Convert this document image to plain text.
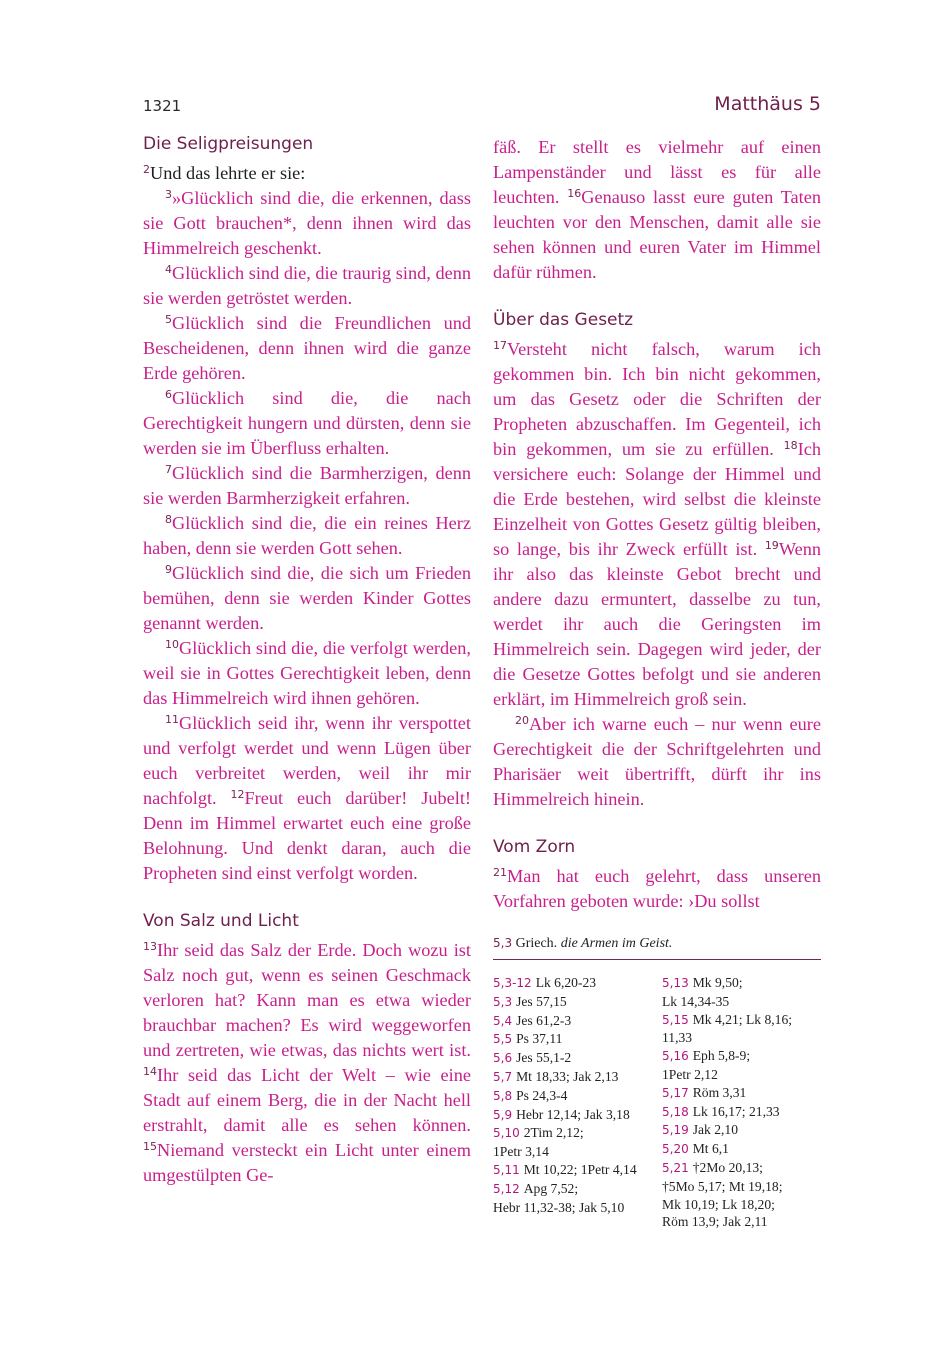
1321	Matthäus 5
Die Seligpreisungen

$^2$Und das lehrte er sie:

$^3$»Glücklich sind die, die erkennen, dass sie Gott brauchen*, denn ihnen wird das Himmelreich geschenkt.

$^4$Glücklich sind die, die traurig sind, denn sie werden getröstet werden.

$^5$Glücklich sind die Freundlichen und Bescheidenen, denn ihnen wird die ganze Erde gehören.

$^6$Glücklich sind die, die nach Gerechtigkeit hungern und dürsten, denn sie werden sie im Überfluss erhalten.

$^7$Glücklich sind die Barmherzigen, denn sie werden Barmherzigkeit erfahren.

$^8$Glücklich sind die, die ein reines Herz haben, denn sie werden Gott sehen.

$^9$Glücklich sind die, die sich um Frieden bemühen, denn sie werden Kinder Gottes genannt werden.

$^{10}$Glücklich sind die, die verfolgt werden, weil sie in Gottes Gerechtigkeit leben, denn das Himmelreich wird ihnen gehören.

$^{11}$Glücklich seid ihr, wenn ihr verspottet und verfolgt werdet und wenn Lügen über euch verbreitet werden, weil ihr mir nachfolgt. $^{12}$Freut euch darüber! Jubelt! Denn im Himmel erwartet euch eine große Belohnung. Und denkt daran, auch die Propheten sind einst verfolgt worden.

Von Salz und Licht

$^{13}$Ihr seid das Salz der Erde. Doch wozu ist Salz noch gut, wenn es seinen Geschmack verloren hat? Kann man es etwa wieder brauchbar machen? Es wird weggeworfen und zertreten, wie etwas, das nichts wert ist. $^{14}$Ihr seid das Licht der Welt – wie eine Stadt auf einem Berg, die in der Nacht hell erstrahlt, damit alle es sehen können. $^{15}$Niemand versteckt ein Licht unter einem umgestülpten Ge-

fäß. Er stellt es vielmehr auf einen Lampenständer und lässt es für alle leuchten. $^{16}$Genauso lasst eure guten Taten leuchten vor den Menschen, damit alle sie sehen können und euren Vater im Himmel dafür rühmen.

Über das Gesetz

$^{17}$Versteht nicht falsch, warum ich gekommen bin. Ich bin nicht gekommen, um das Gesetz oder die Schriften der Propheten abzuschaffen. Im Gegenteil, ich bin gekommen, um sie zu erfüllen. $^{18}$Ich versichere euch: Solange der Himmel und die Erde bestehen, wird selbst die kleinste Einzelheit von Gottes Gesetz gültig bleiben, so lange, bis ihr Zweck erfüllt ist. $^{19}$Wenn ihr also das kleinste Gebot brecht und andere dazu ermuntert, dasselbe zu tun, werdet ihr auch die Geringsten im Himmelreich sein. Dagegen wird jeder, der die Gesetze Gottes befolgt und sie anderen erklärt, im Himmelreich groß sein.

$^{20}$Aber ich warne euch – nur wenn eure Gerechtigkeit die der Schriftgelehrten und Pharisäer weit übertrifft, dürft ihr ins Himmelreich hinein.

Vom Zorn

$^{21}$Man hat euch gelehrt, dass unseren Vorfahren geboten wurde: ›Du sollst

5,3 Griech. die Armen im Geist.
5,3-12 Lk 6,20-23
5,3 Jes 57,15
5,4 Jes 61,2-3
5,5 Ps 37,11
5,6 Jes 55,1-2
5,7 Mt 18,33; Jak 2,13
5,8 Ps 24,3-4
5,9 Hebr 12,14; Jak 3,18
5,10 2Tim 2,12;
1Petr 3,14
5,11 Mt 10,22; 1Petr 4,14
5,12 Apg 7,52;
Hebr 11,32-38; Jak 5,10
5,13 Mk 9,50;
Lk 14,34-35
5,15 Mk 4,21; Lk 8,16;
11,33
5,16 Eph 5,8-9;
1Petr 2,12
5,17 Röm 3,31
5,18 Lk 16,17; 21,33
5,19 Jak 2,10
5,20 Mt 6,1
5,21 †2Mo 20,13;
†5Mo 5,17; Mt 19,18;
Mk 10,19; Lk 18,20;
Röm 13,9; Jak 2,11
